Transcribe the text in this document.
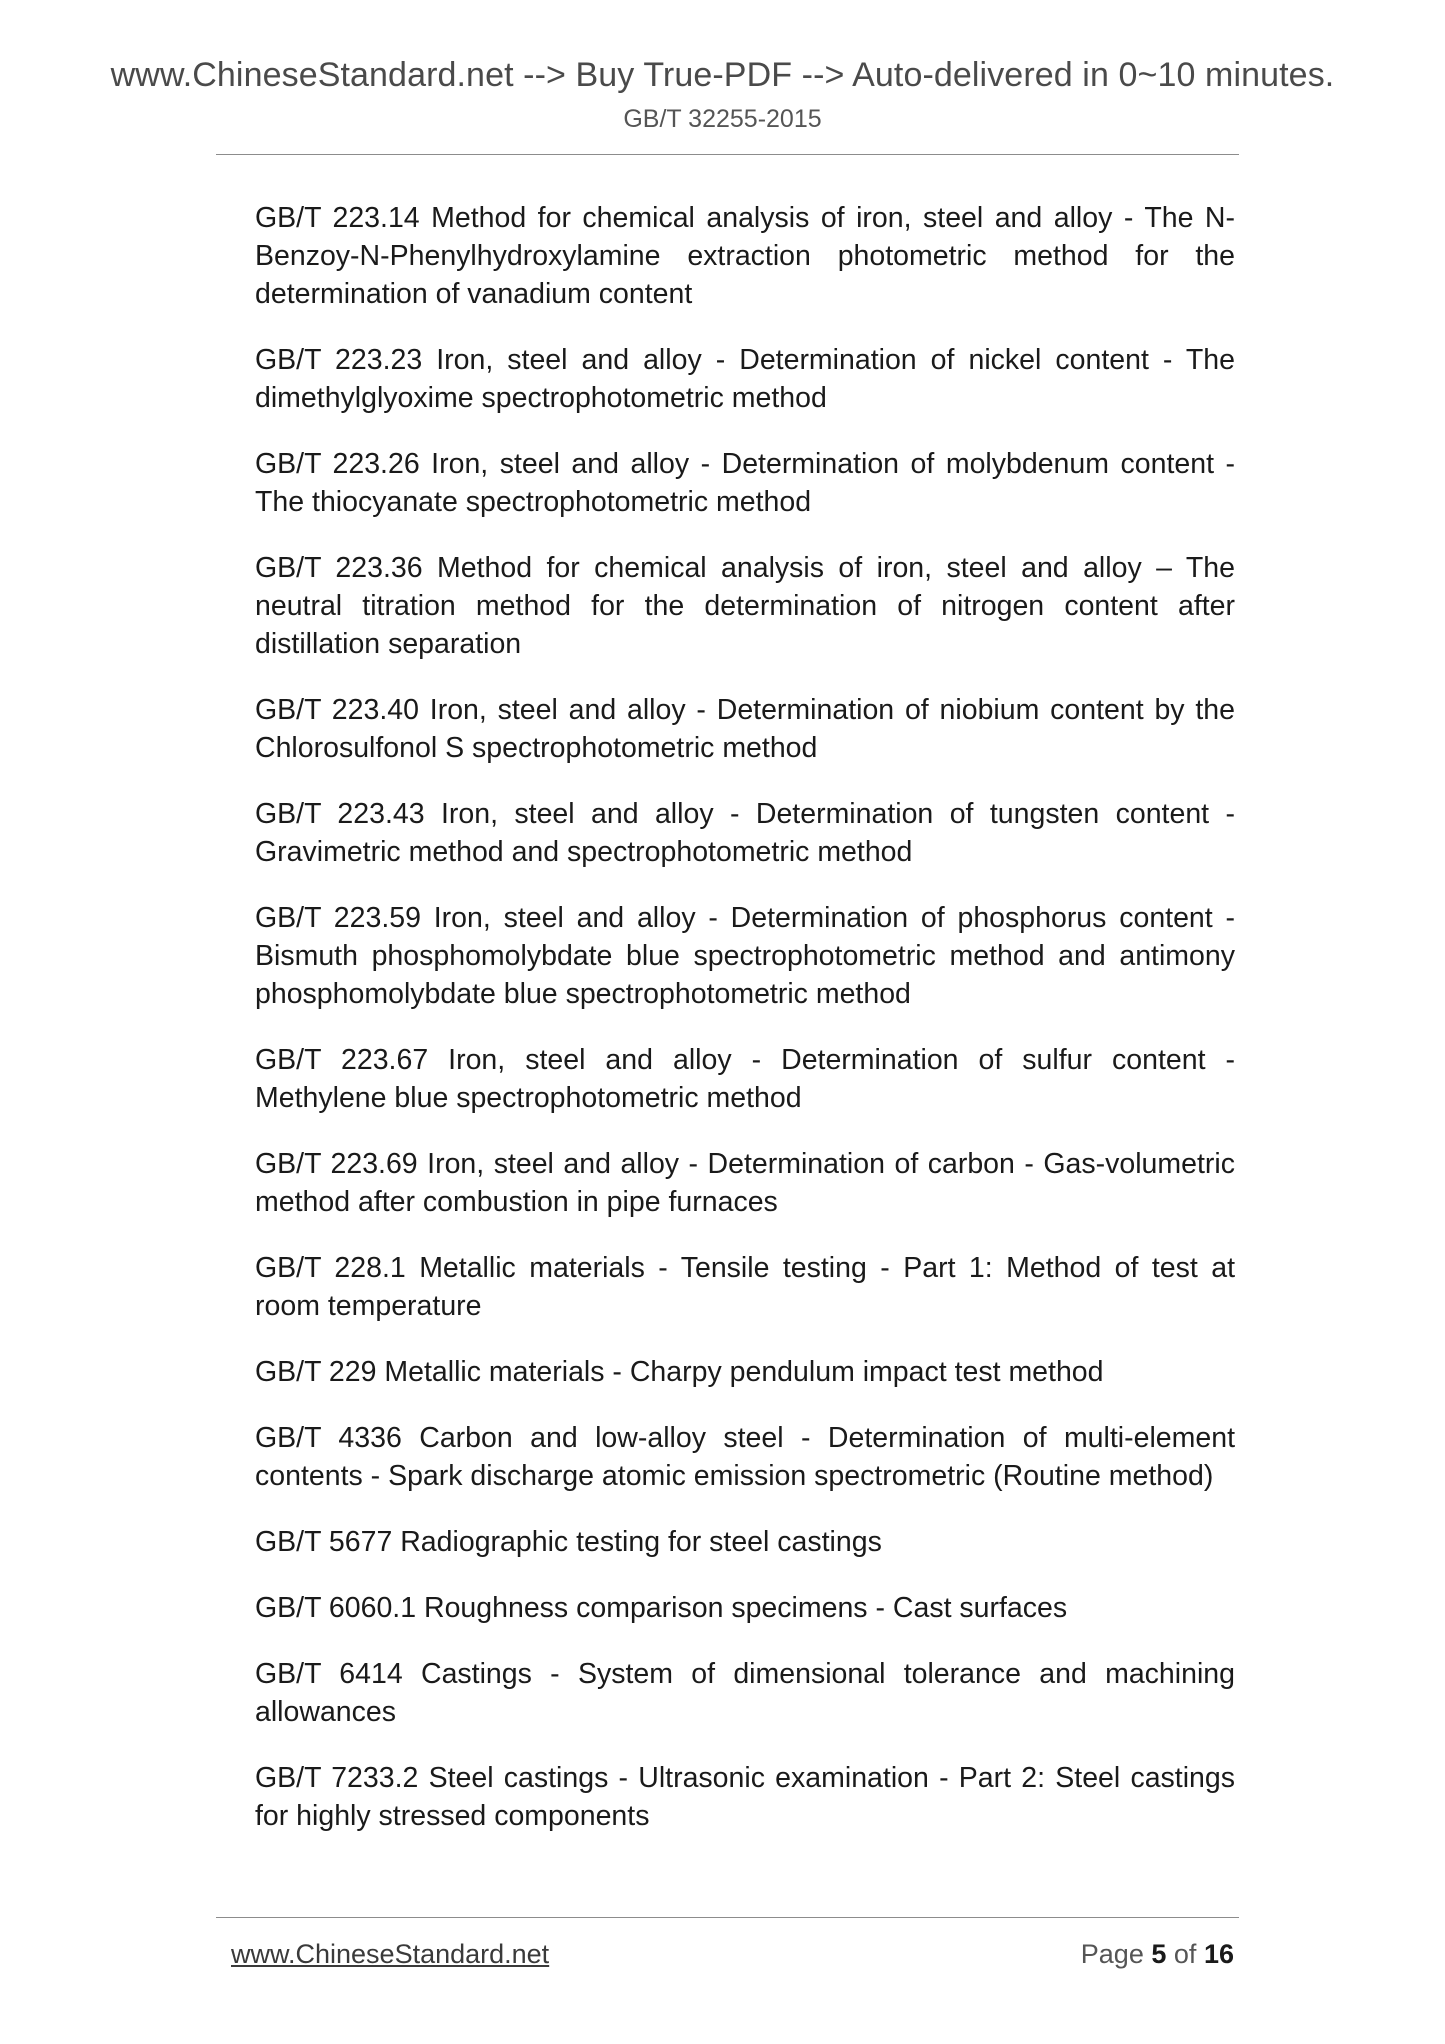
www.ChineseStandard.net --> Buy True-PDF --> Auto-delivered in 0~10 minutes.
GB/T 32255-2015

GB/T 223.14 Method for chemical analysis of iron, steel and alloy - The N-Benzoy-N-Phenylhydroxylamine extraction photometric method for the determination of vanadium content

GB/T 223.23 Iron, steel and alloy - Determination of nickel content - The dimethylglyoxime spectrophotometric method

GB/T 223.26 Iron, steel and alloy - Determination of molybdenum content - The thiocyanate spectrophotometric method

GB/T 223.36 Method for chemical analysis of iron, steel and alloy – The neutral titration method for the determination of nitrogen content after distillation separation

GB/T 223.40 Iron, steel and alloy - Determination of niobium content by the Chlorosulfonol S spectrophotometric method

GB/T 223.43 Iron, steel and alloy - Determination of tungsten content - Gravimetric method and spectrophotometric method

GB/T 223.59 Iron, steel and alloy - Determination of phosphorus content - Bismuth phosphomolybdate blue spectrophotometric method and antimony phosphomolybdate blue spectrophotometric method

GB/T 223.67 Iron, steel and alloy - Determination of sulfur content - Methylene blue spectrophotometric method

GB/T 223.69 Iron, steel and alloy - Determination of carbon - Gas-volumetric method after combustion in pipe furnaces

GB/T 228.1 Metallic materials - Tensile testing - Part 1: Method of test at room temperature

GB/T 229 Metallic materials - Charpy pendulum impact test method

GB/T 4336 Carbon and low-alloy steel - Determination of multi-element contents - Spark discharge atomic emission spectrometric (Routine method)

GB/T 5677 Radiographic testing for steel castings

GB/T 6060.1 Roughness comparison specimens - Cast surfaces

GB/T 6414 Castings - System of dimensional tolerance and machining allowances

GB/T 7233.2 Steel castings - Ultrasonic examination - Part 2: Steel castings for highly stressed components

www.ChineseStandard.net	Page 5 of 16
